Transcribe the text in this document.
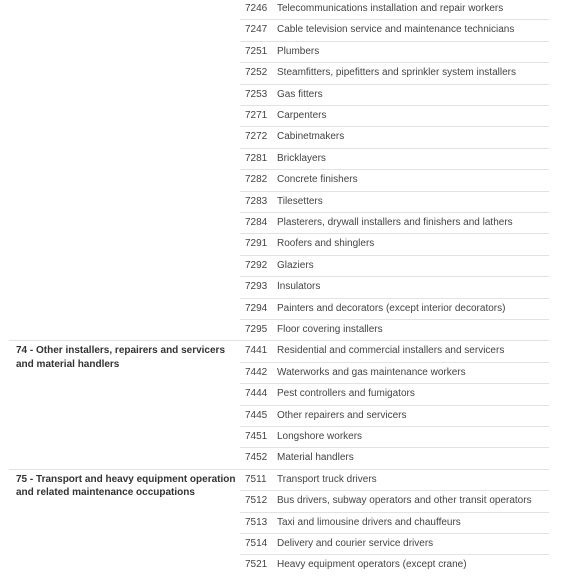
7246 Telecommunications installation and repair workers
7247 Cable television service and maintenance technicians
7251 Plumbers
7252 Steamfitters, pipefitters and sprinkler system installers
7253 Gas fitters
7271 Carpenters
7272 Cabinetmakers
7281 Bricklayers
7282 Concrete finishers
7283 Tilesetters
7284 Plasterers, drywall installers and finishers and lathers
7291 Roofers and shinglers
7292 Glaziers
7293 Insulators
7294 Painters and decorators (except interior decorators)
7295 Floor covering installers
74 - Other installers, repairers and servicers and material handlers
7441 Residential and commercial installers and servicers
7442 Waterworks and gas maintenance workers
7444 Pest controllers and fumigators
7445 Other repairers and servicers
7451 Longshore workers
7452 Material handlers
75 - Transport and heavy equipment operation and related maintenance occupations
7511	Transport truck drivers
7512 Bus drivers, subway operators and other transit operators
7513 Taxi and limousine drivers and chauffeurs
7514 Delivery and courier service drivers
7521 Heavy equipment operators (except crane)
